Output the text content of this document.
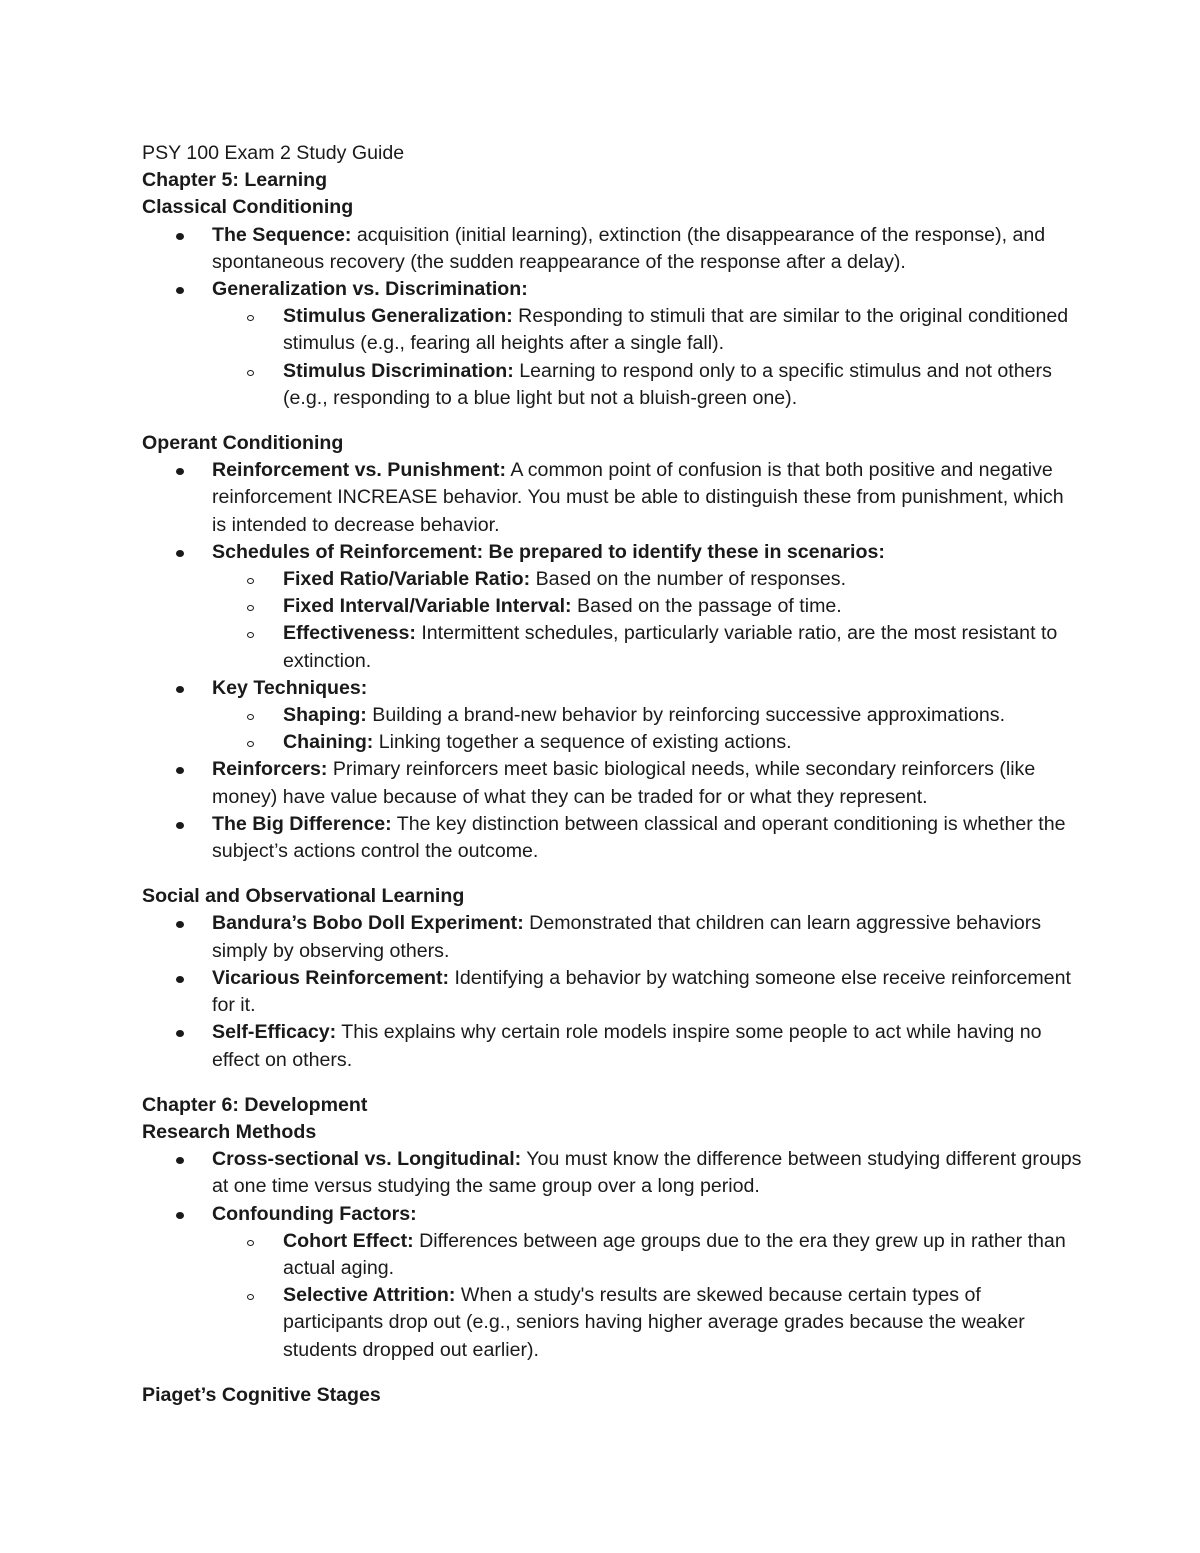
PSY 100 Exam 2 Study Guide
Chapter 5: Learning
Classical Conditioning
The Sequence: acquisition (initial learning), extinction (the disappearance of the response), and spontaneous recovery (the sudden reappearance of the response after a delay).
Generalization vs. Discrimination:
Stimulus Generalization: Responding to stimuli that are similar to the original conditioned stimulus (e.g., fearing all heights after a single fall).
Stimulus Discrimination: Learning to respond only to a specific stimulus and not others (e.g., responding to a blue light but not a bluish-green one).
Operant Conditioning
Reinforcement vs. Punishment: A common point of confusion is that both positive and negative reinforcement INCREASE behavior. You must be able to distinguish these from punishment, which is intended to decrease behavior.
Schedules of Reinforcement: Be prepared to identify these in scenarios:
Fixed Ratio/Variable Ratio: Based on the number of responses.
Fixed Interval/Variable Interval: Based on the passage of time.
Effectiveness: Intermittent schedules, particularly variable ratio, are the most resistant to extinction.
Key Techniques:
Shaping: Building a brand-new behavior by reinforcing successive approximations.
Chaining: Linking together a sequence of existing actions.
Reinforcers: Primary reinforcers meet basic biological needs, while secondary reinforcers (like money) have value because of what they can be traded for or what they represent.
The Big Difference: The key distinction between classical and operant conditioning is whether the subject’s actions control the outcome.
Social and Observational Learning
Bandura’s Bobo Doll Experiment: Demonstrated that children can learn aggressive behaviors simply by observing others.
Vicarious Reinforcement: Identifying a behavior by watching someone else receive reinforcement for it.
Self-Efficacy: This explains why certain role models inspire some people to act while having no effect on others.
Chapter 6: Development
Research Methods
Cross-sectional vs. Longitudinal: You must know the difference between studying different groups at one time versus studying the same group over a long period.
Confounding Factors:
Cohort Effect: Differences between age groups due to the era they grew up in rather than actual aging.
Selective Attrition: When a study's results are skewed because certain types of participants drop out (e.g., seniors having higher average grades because the weaker students dropped out earlier).
Piaget’s Cognitive Stages
